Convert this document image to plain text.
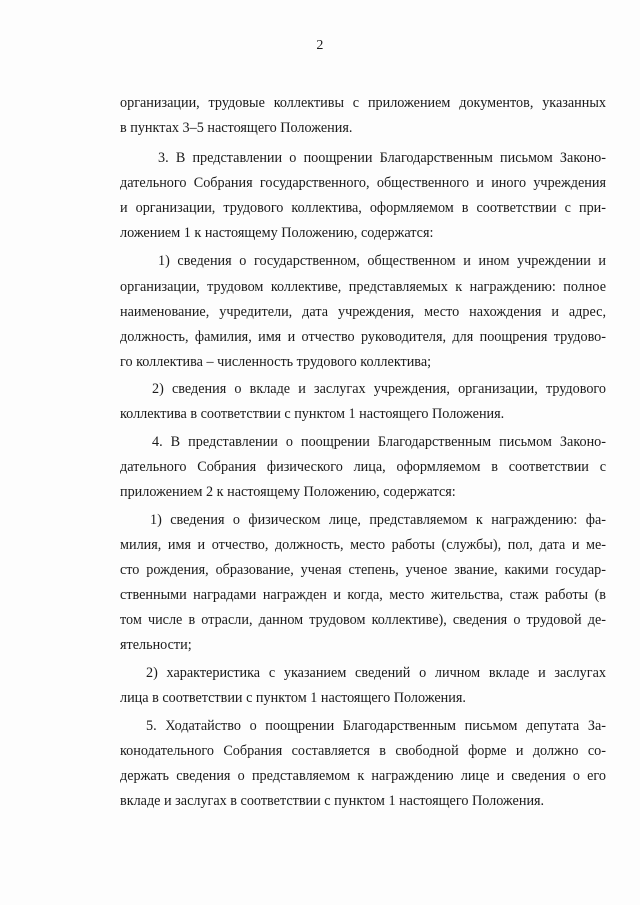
2
организации, трудовые коллективы с приложением документов, указанных
в пунктах 3–5 настоящего Положения.
3. В представлении о поощрении Благодарственным письмом Законо-
дательного Собрания государственного, общественного и иного учреждения
и организации, трудового коллектива, оформляемом в соответствии с при-
ложением 1 к настоящему Положению, содержатся:
1) сведения о государственном, общественном и ином учреждении и
организации, трудовом коллективе, представляемых к награждению: полное
наименование, учредители, дата учреждения, место нахождения и адрес,
должность, фамилия, имя и отчество руководителя, для поощрения трудово-
го коллектива – численность трудового коллектива;
2) сведения о вкладе и заслугах учреждения, организации, трудового
коллектива в соответствии с пунктом 1 настоящего Положения.
4. В представлении о поощрении Благодарственным письмом Законо-
дательного Собрания физического лица, оформляемом в соответствии с
приложением 2 к настоящему Положению, содержатся:
1) сведения о физическом лице, представляемом к награждению: фа-
милия, имя и отчество, должность, место работы (службы), пол, дата и ме-
сто рождения, образование, ученая степень, ученое звание, какими государ-
ственными наградами награжден и когда, место жительства, стаж работы (в
том числе в отрасли, данном трудовом коллективе), сведения о трудовой де-
ятельности;
2) характеристика с указанием сведений о личном вкладе и заслугах
лица в соответствии с пунктом 1 настоящего Положения.
5. Ходатайство о поощрении Благодарственным письмом депутата За-
конодательного Собрания составляется в свободной форме и должно со-
держать сведения о представляемом к награждению лице и сведения о его
вкладе и заслугах в соответствии с пунктом 1 настоящего Положения.
